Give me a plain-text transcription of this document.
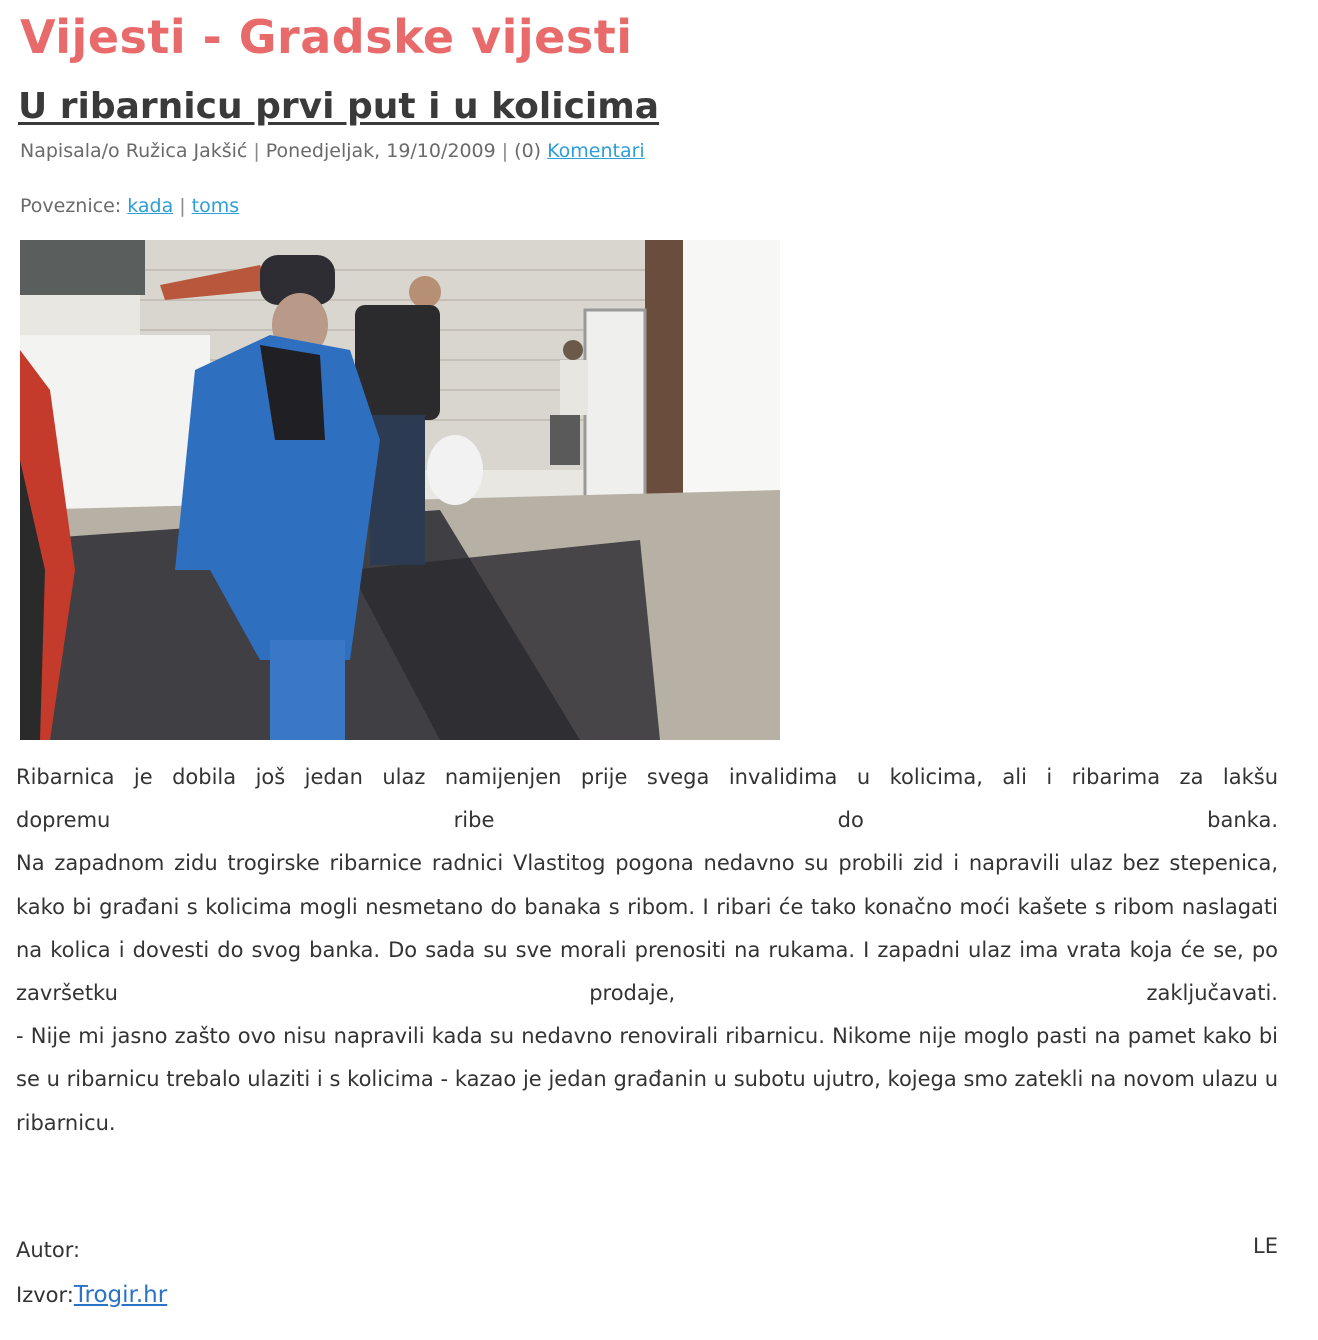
Vijesti - Gradske vijesti
U ribarnicu prvi put i u kolicima
Napisala/o Ružica Jakšić | Ponedjeljak, 19/10/2009 | (0) Komentari
Poveznice: kada | toms

Ribarnica je dobila još jedan ulaz namijenjen prije svega invalidima u kolicima, ali i ribarima za lakšu

dopremu ribe do banka.

Na zapadnom zidu trogirske ribarnice radnici Vlastitog pogona nedavno su probili zid i napravili ulaz bez stepenica, kako bi građani s kolicima mogli nesmetano do banaka s ribom. I ribari će tako konačno moći kašete s ribom naslagati na kolica i dovesti do svog banka. Do sada su sve morali prenositi na rukama. I zapadni ulaz ima vrata koja će se, po završetku prodaje, zaključavati.

- Nije mi jasno zašto ovo nisu napravili kada su nedavno renovirali ribarnicu. Nikome nije moglo pasti na pamet kako bi se u ribarnicu trebalo ulaziti i s kolicima - kazao je jedan građanin u subotu ujutro, kojega smo zatekli na novom ulazu u ribarnicu.

Autor:	LE
Izvor:Trogir.hr
